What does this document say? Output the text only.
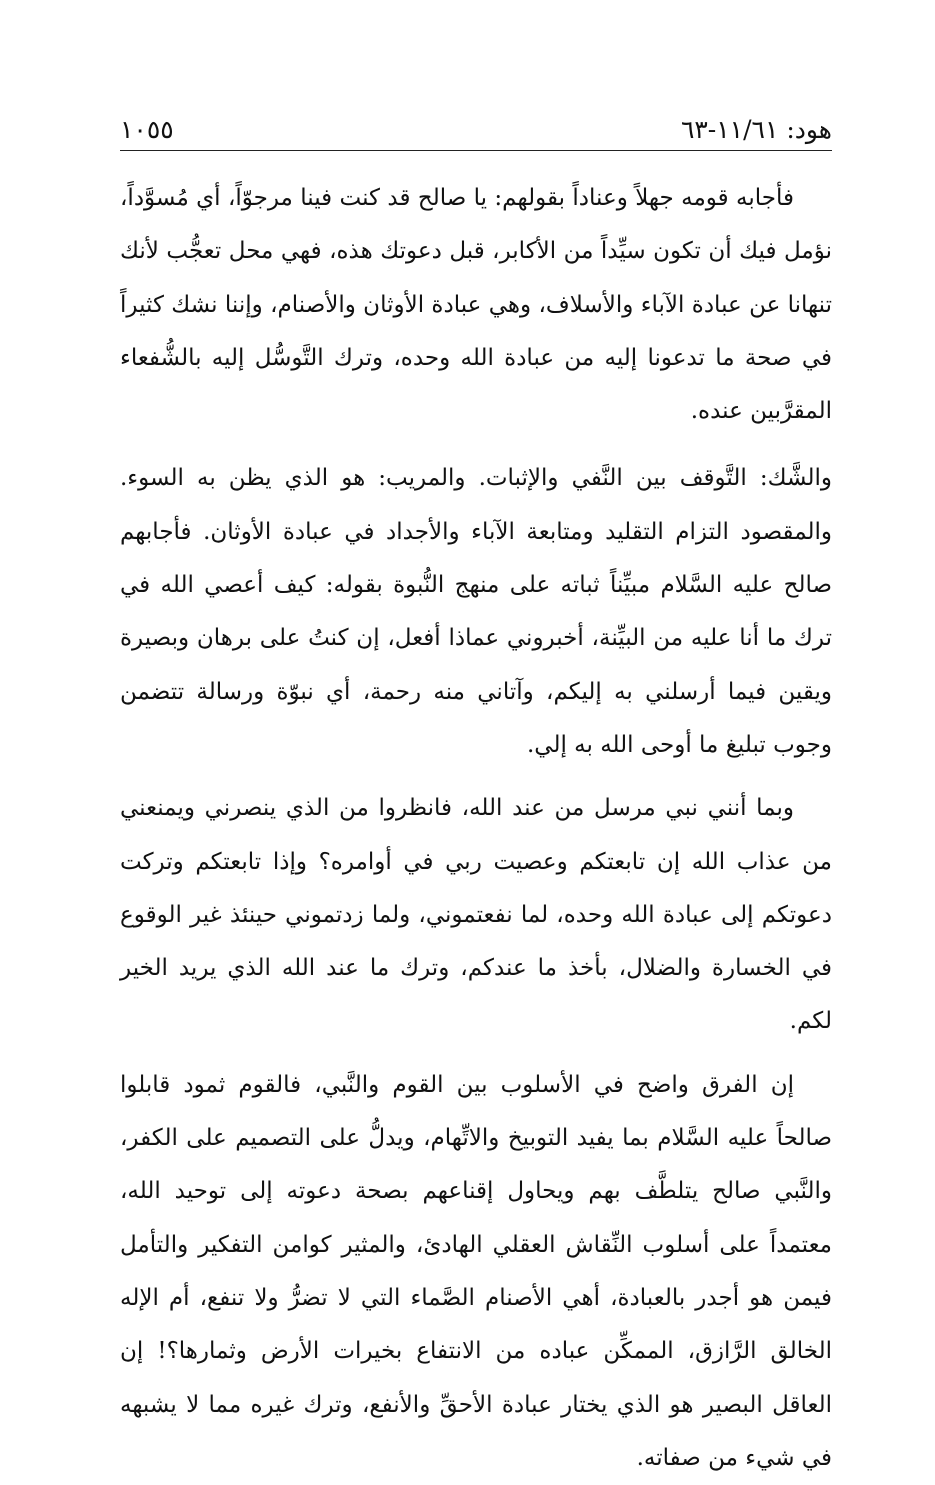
هود: ١١/٦١-٦٣
١٠٥٥

فأجابه قومه جهلاً وعناداً بقولهم: يا صالح قد كنت فينا مرجوّاً، أي مُسوَّداً، نؤمل فيك أن تكون سيِّداً من الأكابر، قبل دعوتك هذه، فهي محل تعجُّب لأنك تنهانا عن عبادة الآباء والأسلاف، وهي عبادة الأوثان والأصنام، وإننا نشك كثيراً في صحة ما تدعونا إليه من عبادة الله وحده، وترك التَّوسُّل إليه بالشُّفعاء المقرَّبين عنده.

والشَّك: التَّوقف بين النَّفي والإثبات. والمريب: هو الذي يظن به السوء. والمقصود التزام التقليد ومتابعة الآباء والأجداد في عبادة الأوثان. فأجابهم صالح عليه السَّلام مبيِّناً ثباته على منهج النُّبوة بقوله: كيف أعصي الله في ترك ما أنا عليه من البيِّنة، أخبروني عماذا أفعل، إن كنتُ على برهان وبصيرة ويقين فيما أرسلني به إليكم، وآتاني منه رحمة، أي نبوّة ورسالة تتضمن وجوب تبليغ ما أوحى الله به إلي.

وبما أنني نبي مرسل من عند الله، فانظروا من الذي ينصرني ويمنعني من عذاب الله إن تابعتكم وعصيت ربي في أوامره؟ وإذا تابعتكم وتركت دعوتكم إلى عبادة الله وحده، لما نفعتموني، ولما زدتموني حينئذ غير الوقوع في الخسارة والضلال، بأخذ ما عندكم، وترك ما عند الله الذي يريد الخير لكم.

إن الفرق واضح في الأسلوب بين القوم والنَّبي، فالقوم ثمود قابلوا صالحاً عليه السَّلام بما يفيد التوبيخ والاتِّهام، ويدلُّ على التصميم على الكفر، والنَّبي صالح يتلطَّف بهم ويحاول إقناعهم بصحة دعوته إلى توحيد الله، معتمداً على أسلوب النِّقاش العقلي الهادئ، والمثير كوامن التفكير والتأمل فيمن هو أجدر بالعبادة، أهي الأصنام الصَّماء التي لا تضرُّ ولا تنفع، أم الإله الخالق الرَّازق، الممكِّن عباده من الانتفاع بخيرات الأرض وثمارها؟! إن العاقل البصير هو الذي يختار عبادة الأحقِّ والأنفع، وترك غيره مما لا يشبهه في شيء من صفاته.
